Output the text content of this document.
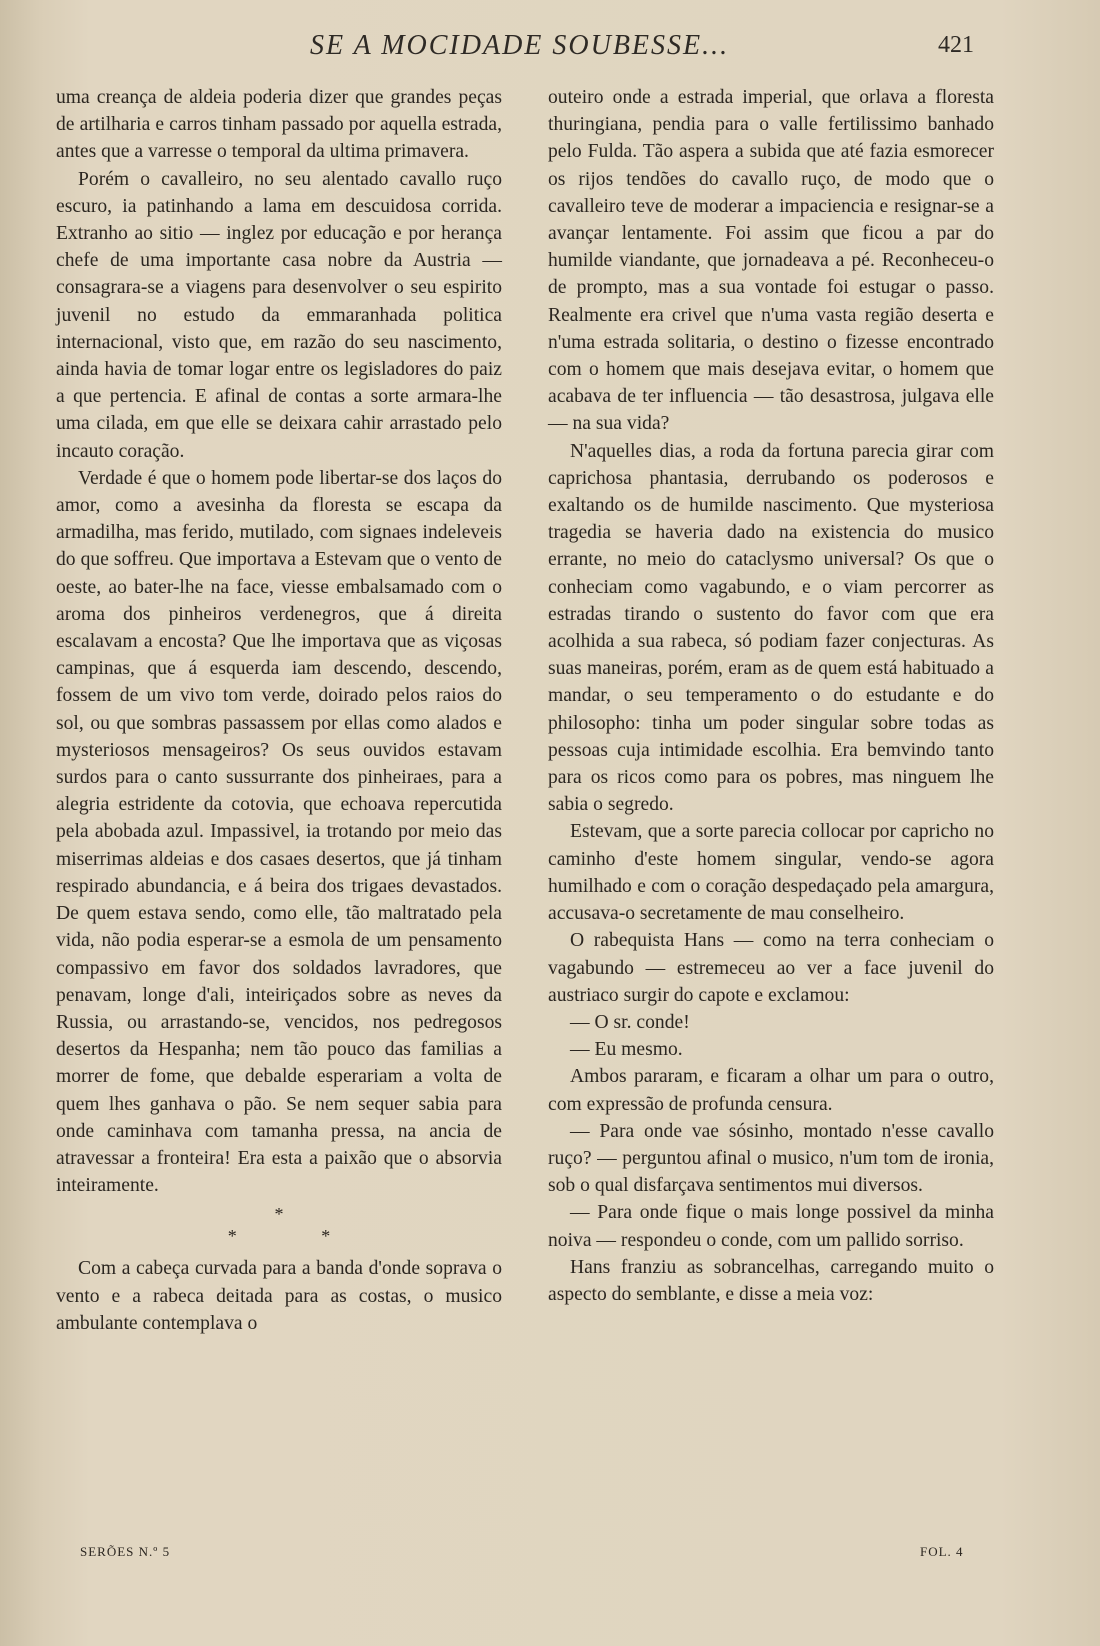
SE A MOCIDADE SOUBESSE...	421

uma creança de aldeia poderia dizer que grandes peças de artilharia e carros tinham passado por aquella estrada, antes que a varresse o temporal da ultima primavera.

Porém o cavalleiro, no seu alentado cavallo ruço escuro, ia patinhando a lama em descuidosa corrida. Extranho ao sitio — inglez por educação e por herança chefe de uma importante casa nobre da Austria — consagrara-se a viagens para desenvolver o seu espirito juvenil no estudo da emmaranhada politica internacional, visto que, em razão do seu nascimento, ainda havia de tomar logar entre os legisladores do paiz a que pertencia. E afinal de contas a sorte armara-lhe uma cilada, em que elle se deixara cahir arrastado pelo incauto coração.

Verdade é que o homem pode libertar-se dos laços do amor, como a avesinha da floresta se escapa da armadilha, mas ferido, mutilado, com signaes indeleveis do que soffreu. Que importava a Estevam que o vento de oeste, ao bater-lhe na face, viesse embalsamado com o aroma dos pinheiros verdenegros, que á direita escalavam a encosta? Que lhe importava que as viçosas campinas, que á esquerda iam descendo, descendo, fossem de um vivo tom verde, doirado pelos raios do sol, ou que sombras passassem por ellas como alados e mysteriosos mensageiros? Os seus ouvidos estavam surdos para o canto sussurrante dos pinheiraes, para a alegria estridente da cotovia, que echoava repercutida pela abobada azul. Impassivel, ia trotando por meio das miserrimas aldeias e dos casaes desertos, que já tinham respirado abundancia, e á beira dos trigaes devastados. De quem estava sendo, como elle, tão maltratado pela vida, não podia esperar-se a esmola de um pensamento compassivo em favor dos soldados lavradores, que penavam, longe d'ali, inteiriçados sobre as neves da Russia, ou arrastando-se, vencidos, nos pedregosos desertos da Hespanha; nem tão pouco das familias a morrer de fome, que debalde esperariam a volta de quem lhes ganhava o pão. Se nem sequer sabia para onde caminhava com tamanha pressa, na ancia de atravessar a fronteira! Era esta a paixão que o absorvia inteiramente.

*
* *

Com a cabeça curvada para a banda d'onde soprava o vento e a rabeca deitada para as costas, o musico ambulante contemplava o

outeiro onde a estrada imperial, que orlava a floresta thuringiana, pendia para o valle fertilissimo banhado pelo Fulda. Tão aspera a subida que até fazia esmorecer os rijos tendões do cavallo ruço, de modo que o cavalleiro teve de moderar a impaciencia e resignar-se a avançar lentamente. Foi assim que ficou a par do humilde viandante, que jornadeava a pé. Reconheceu-o de prompto, mas a sua vontade foi estugar o passo. Realmente era crivel que n'uma vasta região deserta e n'uma estrada solitaria, o destino o fizesse encontrado com o homem que mais desejava evitar, o homem que acabava de ter influencia — tão desastrosa, julgava elle — na sua vida?

N'aquelles dias, a roda da fortuna parecia girar com caprichosa phantasia, derrubando os poderosos e exaltando os de humilde nascimento. Que mysteriosa tragedia se haveria dado na existencia do musico errante, no meio do cataclysmo universal? Os que o conheciam como vagabundo, e o viam percorrer as estradas tirando o sustento do favor com que era acolhida a sua rabeca, só podiam fazer conjecturas. As suas maneiras, porém, eram as de quem está habituado a mandar, o seu temperamento o do estudante e do philosopho: tinha um poder singular sobre todas as pessoas cuja intimidade escolhia. Era bemvindo tanto para os ricos como para os pobres, mas ninguem lhe sabia o segredo.

Estevam, que a sorte parecia collocar por capricho no caminho d'este homem singular, vendo-se agora humilhado e com o coração despedaçado pela amargura, accusava-o secretamente de mau conselheiro.

O rabequista Hans — como na terra conheciam o vagabundo — estremeceu ao ver a face juvenil do austriaco surgir do capote e exclamou:

— O sr. conde!

— Eu mesmo.

Ambos pararam, e ficaram a olhar um para o outro, com expressão de profunda censura.

— Para onde vae sósinho, montado n'esse cavallo ruço? — perguntou afinal o musico, n'um tom de ironia, sob o qual disfarçava sentimentos mui diversos.

— Para onde fique o mais longe possivel da minha noiva — respondeu o conde, com um pallido sorriso.

Hans franziu as sobrancelhas, carregando muito o aspecto do semblante, e disse a meia voz:

SERÕES N.º 5	FOL. 4
